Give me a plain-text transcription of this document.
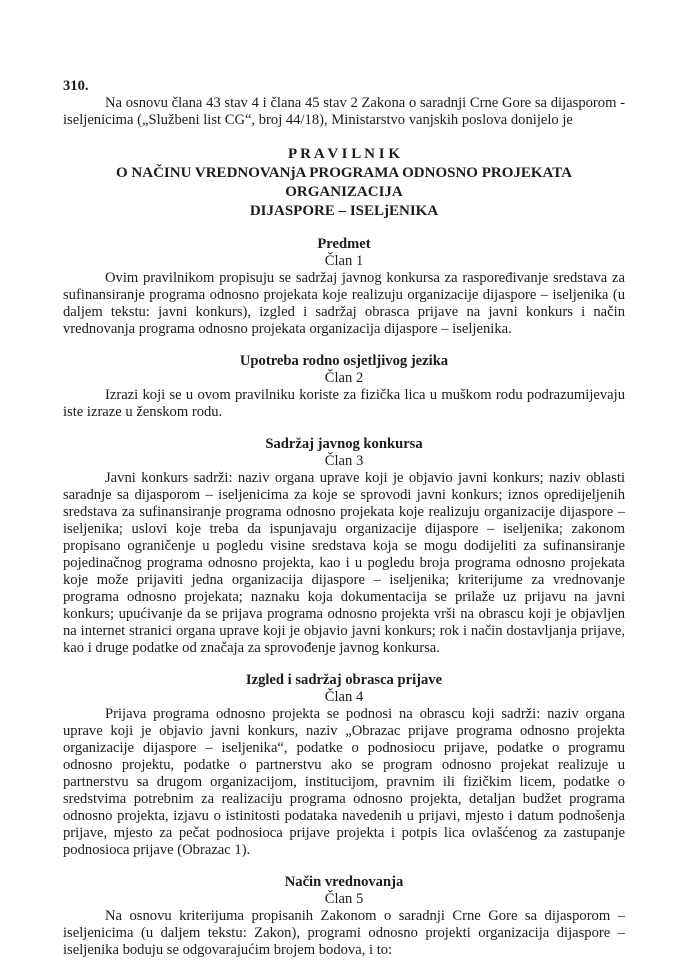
310.

Na osnovu člana 43 stav 4 i člana 45 stav 2 Zakona o saradnji Crne Gore sa dijasporom - iseljenicima („Službeni list CG“, broj 44/18), Ministarstvo vanjskih poslova donijelo je

P R A V I L N I K
O NAČINU VREDNOVANjA PROGRAMA ODNOSNO PROJEKATA ORGANIZACIJA
DIJASPORE – ISELjENIKA
Predmet
Član 1

Ovim pravilnikom propisuju se sadržaj javnog konkursa za raspoređivanje sredstava za sufinansiranje programa odnosno projekata koje realizuju organizacije dijaspore – iseljenika (u daljem tekstu: javni konkurs), izgled i sadržaj obrasca prijave na javni konkurs i način vrednovanja programa odnosno projekata organizacija dijaspore – iseljenika.

Upotreba rodno osjetljivog jezika
Član 2

Izrazi koji se u ovom pravilniku koriste za fizička lica u muškom rodu podrazumijevaju iste izraze u ženskom rodu.

Sadržaj javnog konkursa
Član 3

Javni konkurs sadrži: naziv organa uprave koji je objavio javni konkurs; naziv oblasti saradnje sa dijasporom – iseljenicima za koje se sprovodi javni konkurs; iznos opredijeljenih sredstava za sufinansiranje programa odnosno projekata koje realizuju organizacije dijaspore – iseljenika; uslovi koje treba da ispunjavaju organizacije dijaspore – iseljenika; zakonom propisano ograničenje u pogledu visine sredstava koja se mogu dodijeliti za sufinansiranje pojedinačnog programa odnosno projekta, kao i u pogledu broja programa odnosno projekata koje može prijaviti jedna organizacija dijaspore – iseljenika; kriterijume za vrednovanje programa odnosno projekata; naznaku koja dokumentacija se prilaže uz prijavu na javni konkurs; upućivanje da se prijava programa odnosno projekta vrši na obrascu koji je objavljen na internet stranici organa uprave koji je objavio javni konkurs; rok i način dostavljanja prijave, kao i druge podatke od značaja za sprovođenje javnog konkursa.

Izgled i sadržaj obrasca prijave
Član 4

Prijava programa odnosno projekta se podnosi na obrascu koji sadrži: naziv organa uprave koji je objavio javni konkurs, naziv „Obrazac prijave programa odnosno projekta organizacije dijaspore – iseljenika“, podatke o podnosiocu prijave, podatke o programu odnosno projektu, podatke o partnerstvu ako se program odnosno projekat realizuje u partnerstvu sa drugom organizacijom, institucijom, pravnim ili fizičkim licem, podatke o sredstvima potrebnim za realizaciju programa odnosno projekta, detaljan budžet programa odnosno projekta, izjavu o istinitosti podataka navedenih u prijavi, mjesto i datum podnošenja prijave, mjesto za pečat podnosioca prijave projekta i potpis lica ovlašćenog za zastupanje podnosioca prijave (Obrazac 1).

Način vrednovanja
Član 5

Na osnovu kriterijuma propisanih Zakonom o saradnji Crne Gore sa dijasporom – iseljenicima (u daljem tekstu: Zakon), programi odnosno projekti organizacija dijaspore – iseljenika boduju se odgovarajućim brojem bodova, i to:
